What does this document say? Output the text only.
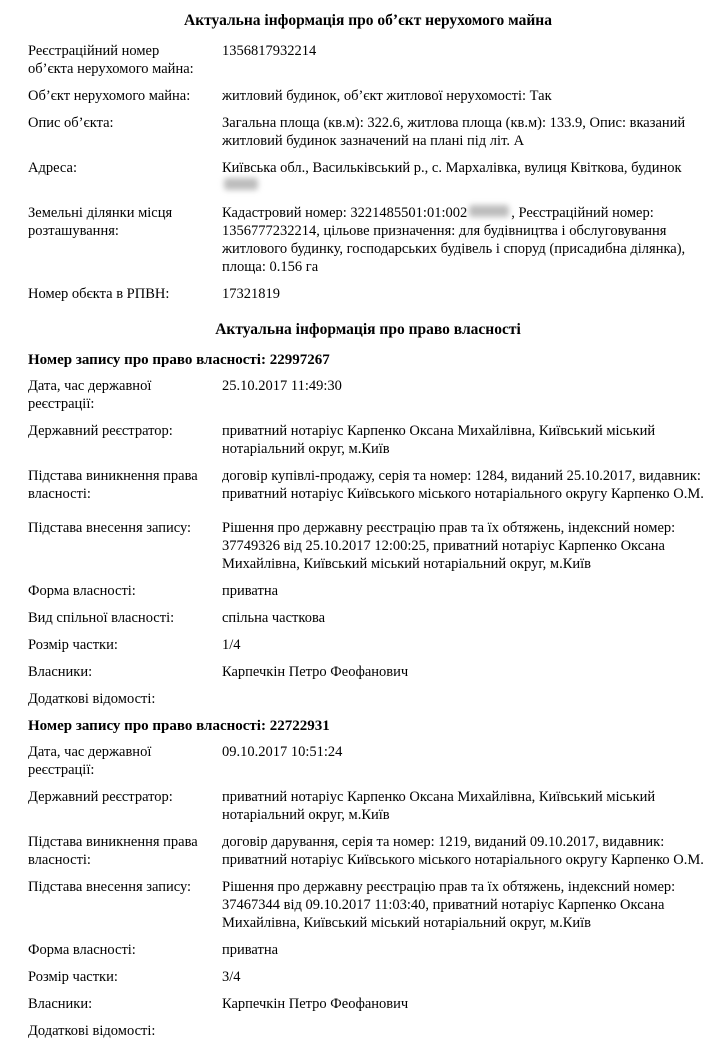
Актуальна інформація про об’єкт нерухомого майна
Реєстраційний номер об’єкта нерухомого майна:
1356817932214
Об’єкт нерухомого майна:	житловий будинок, об’єкт житлової нерухомості: Так
Опис об’єкта:	Загальна площа (кв.м): 322.6, житлова площа (кв.м): 133.9, Опис: вказаний житловий будинок зазначений на плані під літ. А
Адреса:	Київська обл., Васильківський р., с. Мархалівка, вулиця Квіткова, будинок
Земельні ділянки місця розташування:
Кадастровий номер: 3221485501:01:002	, Реєстраційний номер: 1356777232214, цільове призначення: для будівництва і обслуговування житлового будинку, господарських будівель і споруд (присадибна ділянка), площа: 0.156 га
Номер обєкта в РПВН:	17321819
Актуальна інформація про право власності
Номер запису про право власності: 22997267
Дата, час державної реєстрації:
25.10.2017 11:49:30
Державний реєстратор:	приватний нотаріус Карпенко Оксана Михайлівна, Київський міський нотаріальний округ, м.Київ
Підстава виникнення права власності:
договір купівлі-продажу, серія та номер: 1284, виданий 25.10.2017, видавник: приватний нотаріус Київського міського нотаріального округу Карпенко О.М.
Підстава внесення запису:	Рішення про державну реєстрацію прав та їх обтяжень, індексний номер: 37749326 від 25.10.2017 12:00:25, приватний нотаріус Карпенко Оксана Михайлівна, Київський міський нотаріальний округ, м.Київ
Форма власності:	приватна
Вид спільної власності:	спільна часткова
Розмір частки:	1/4
Власники:	Карпечкін Петро Феофанович
Додаткові відомості:
Номер запису про право власності: 22722931
Дата, час державної реєстрації:
09.10.2017 10:51:24
Державний реєстратор:	приватний нотаріус Карпенко Оксана Михайлівна, Київський міський нотаріальний округ, м.Київ
Підстава виникнення права власності:
договір дарування, серія та номер: 1219, виданий 09.10.2017, видавник: приватний нотаріус Київського міського нотаріального округу Карпенко О.М.
Підстава внесення запису:	Рішення про державну реєстрацію прав та їх обтяжень, індексний номер: 37467344 від 09.10.2017 11:03:40, приватний нотаріус Карпенко Оксана Михайлівна, Київський міський нотаріальний округ, м.Київ
Форма власності:	приватна
Розмір частки:	3/4
Власники:	Карпечкін Петро Феофанович
Додаткові відомості:
